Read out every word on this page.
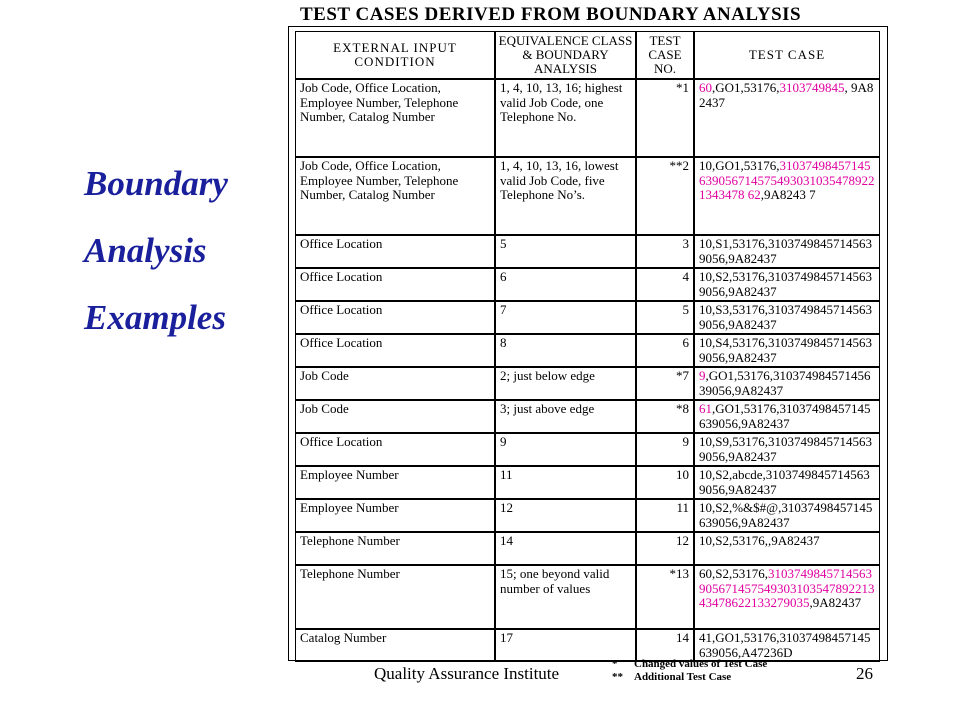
TEST CASES DERIVED FROM BOUNDARY ANALYSIS
Boundary
Analysis
Examples
EXTERNAL INPUT CONDITION	EQUIVALENCE CLASS & BOUNDARY ANALYSIS	TEST CASE NO.	TEST CASE
Job Code, Office Location, Employee Number, Telephone Number, Catalog Number	1, 4, 10, 13, 16; highest valid Job Code, one Telephone No.	*1	60,GO1,53176,3103749845, 9A82437
Job Code, Office Location, Employee Number, Telephone Number, Catalog Number	1, 4, 10, 13, 16, lowest valid Job Code, five Telephone No’s.	**2	10,GO1,53176,310374984571456390567145754930310354789221343478 62,9A8243 7
Office Location	5	3	10,S1,53176,31037498457145639056,9A82437
Office Location	6	4	10,S2,53176,31037498457145639056,9A82437
Office Location	7	5	10,S3,53176,31037498457145639056,9A82437
Office Location	8	6	10,S4,53176,31037498457145639056,9A82437
Job Code	2; just below edge	*7	9,GO1,53176,31037498457145639056,9A82437
Job Code	3; just above edge	*8	61,GO1,53176,31037498457145639056,9A82437
Office Location	9	9	10,S9,53176,31037498457145639056,9A82437
Employee Number	11	10	10,S2,abcde,31037498457145639056,9A82437
Employee Number	12	11	10,S2,%&$#@,31037498457145639056,9A82437
Telephone Number	14	12	10,S2,53176,,9A82437
Telephone Number	15; one beyond valid number of values	*13	60,S2,53176,310374984571456390567145754930310354789221343478622133279035,9A82437
Catalog Number	17	14	41,GO1,53176,31037498457145639056,A47236D
* Changed values of Test Case
** Additional Test Case
Quality Assurance Institute	26
